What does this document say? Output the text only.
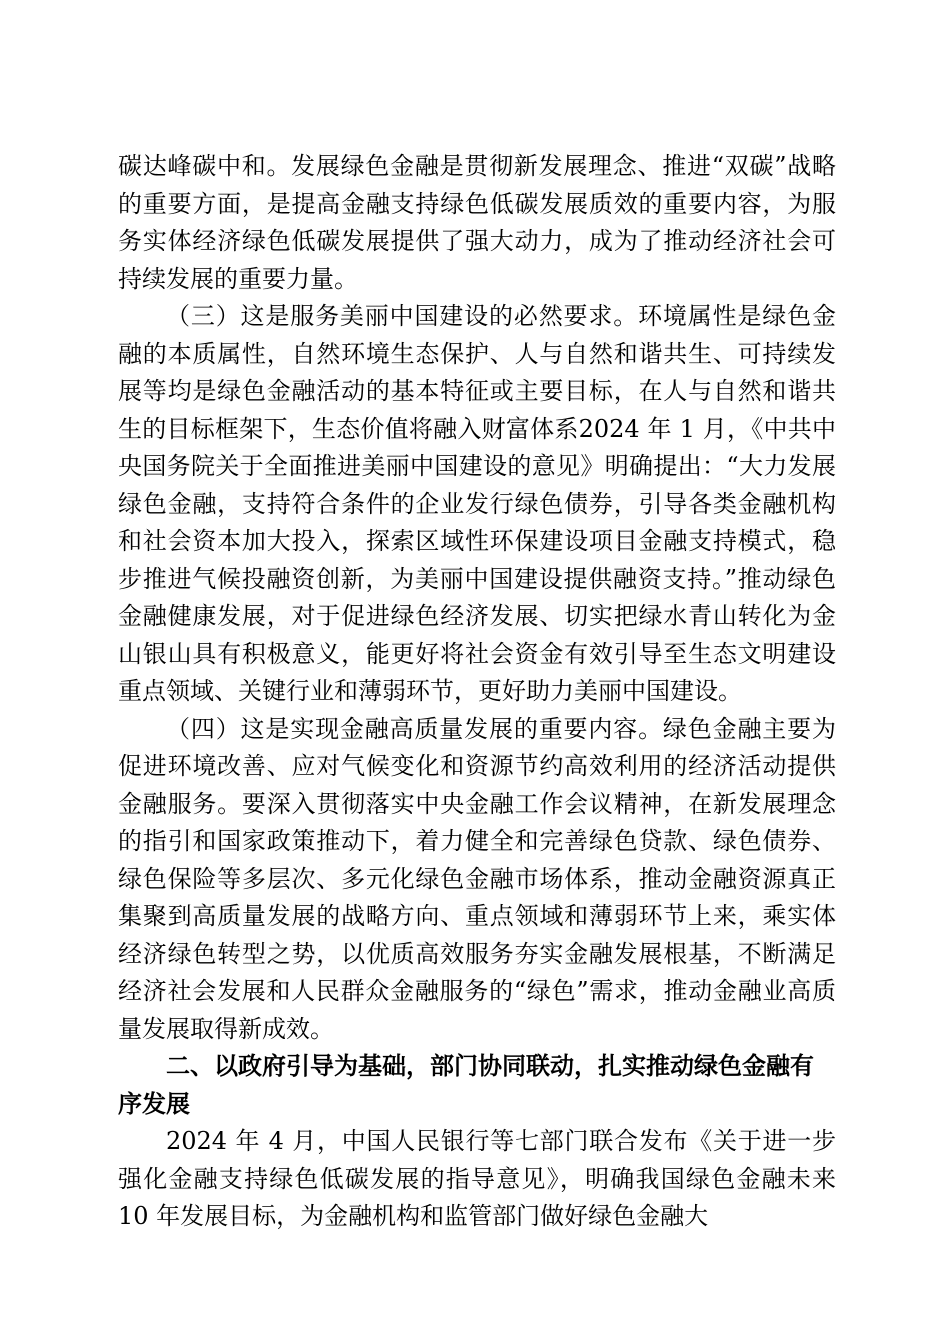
碳达峰碳中和。发展绿色金融是贯彻新发展理念、推进“双碳”战略的重要方面，是提高金融支持绿色低碳发展质效的重要内容，为服务实体经济绿色低碳发展提供了强大动力，成为了推动经济社会可持续发展的重要力量。

（三）这是服务美丽中国建设的必然要求。环境属性是绿色金融的本质属性，自然环境生态保护、人与自然和谐共生、可持续发展等均是绿色金融活动的基本特征或主要目标，在人与自然和谐共生的目标框架下，生态价值将融入财富体系2024 年 1 月，《中共中央国务院关于全面推进美丽中国建设的意见》明确提出：“大力发展绿色金融，支持符合条件的企业发行绿色债券，引导各类金融机构和社会资本加大投入，探索区域性环保建设项目金融支持模式，稳步推进气候投融资创新，为美丽中国建设提供融资支持。”推动绿色金融健康发展，对于促进绿色经济发展、切实把绿水青山转化为金山银山具有积极意义，能更好将社会资金有效引导至生态文明建设重点领域、关键行业和薄弱环节，更好助力美丽中国建设。

（四）这是实现金融高质量发展的重要内容。绿色金融主要为促进环境改善、应对气候变化和资源节约高效利用的经济活动提供金融服务。要深入贯彻落实中央金融工作会议精神，在新发展理念的指引和国家政策推动下，着力健全和完善绿色贷款、绿色债券、绿色保险等多层次、多元化绿色金融市场体系，推动金融资源真正集聚到高质量发展的战略方向、重点领域和薄弱环节上来，乘实体经济绿色转型之势，以优质高效服务夯实金融发展根基，不断满足经济社会发展和人民群众金融服务的“绿色”需求，推动金融业高质量发展取得新成效。

二、以政府引导为基础，部门协同联动，扎实推动绿色金融有序发展

2024 年 4 月，中国人民银行等七部门联合发布《关于进一步强化金融支持绿色低碳发展的指导意见》，明确我国绿色金融未来 10 年发展目标，为金融机构和监管部门做好绿色金融大
